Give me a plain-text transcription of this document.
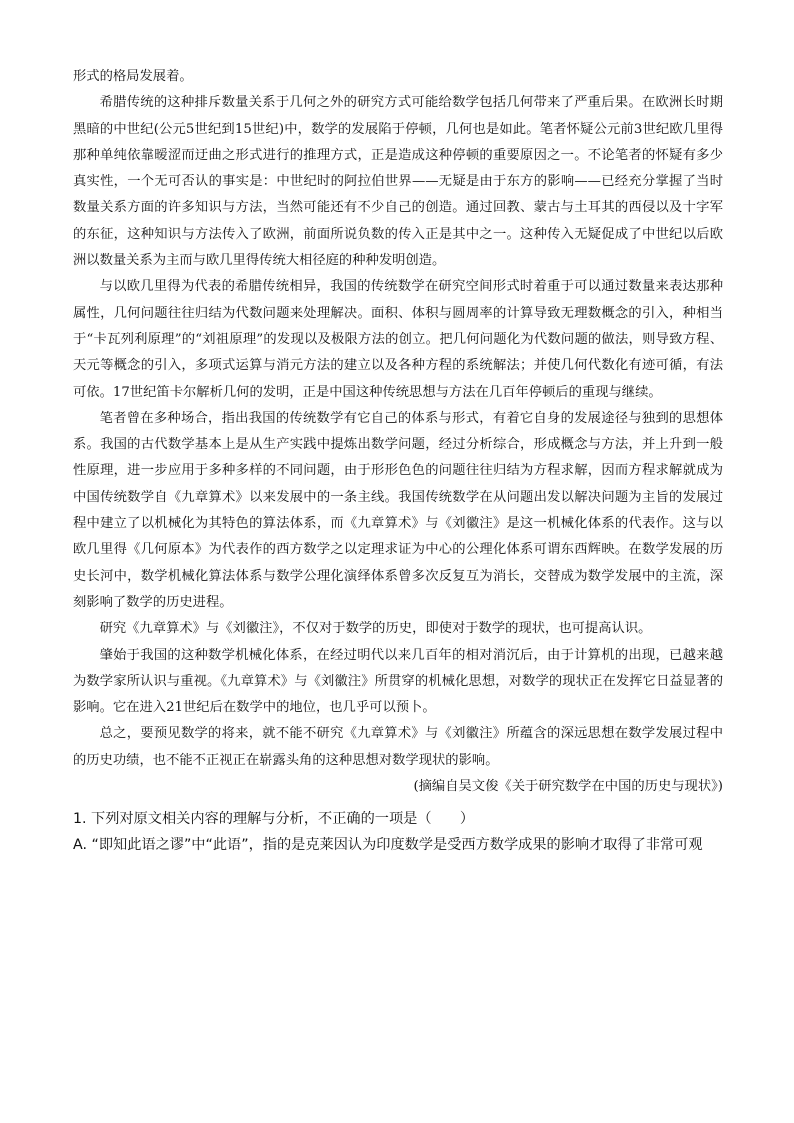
形式的格局发展着。

希腊传统的这种排斥数量关系于几何之外的研究方式可能给数学包括几何带来了严重后果。在欧洲长时期黑暗的中世纪(公元5世纪到15世纪)中，数学的发展陷于停顿，几何也是如此。笔者怀疑公元前3世纪欧几里得那种单纯依靠暧涩而迂曲之形式进行的推理方式，正是造成这种停顿的重要原因之一。不论笔者的怀疑有多少真实性，一个无可否认的事实是：中世纪时的阿拉伯世界——无疑是由于东方的影响——已经充分掌握了当时数量关系方面的许多知识与方法，当然可能还有不少自己的创造。通过回教、蒙古与土耳其的西侵以及十字军的东征，这种知识与方法传入了欧洲，前面所说负数的传入正是其中之一。这种传入无疑促成了中世纪以后欧洲以数量关系为主而与欧几里得传统大相径庭的种种发明创造。

与以欧几里得为代表的希腊传统相异，我国的传统数学在研究空间形式时着重于可以通过数量来表达那种属性，几何问题往往归结为代数问题来处理解决。面积、体积与圆周率的计算导致无理数概念的引入，种相当于“卡瓦列利原理”的“刘祖原理”的发现以及极限方法的创立。把几何问题化为代数问题的做法，则导致方程、天元等概念的引入，多项式运算与消元方法的建立以及各种方程的系统解法；并使几何代数化有迹可循，有法可依。17世纪笛卡尔解析几何的发明，正是中国这种传统思想与方法在几百年停顿后的重现与继续。

笔者曾在多种场合，指出我国的传统数学有它自己的体系与形式，有着它自身的发展途径与独到的思想体系。我国的古代数学基本上是从生产实践中提炼出数学问题，经过分析综合，形成概念与方法，并上升到一般性原理，进一步应用于多种多样的不同问题，由于形形色色的问题往往归结为方程求解，因而方程求解就成为中国传统数学自《九章算术》以来发展中的一条主线。我国传统数学在从问题出发以解决问题为主旨的发展过程中建立了以机械化为其特色的算法体系，而《九章算术》与《刘徽注》是这一机械化体系的代表作。这与以欧几里得《几何原本》为代表作的西方数学之以定理求证为中心的公理化体系可谓东西辉映。在数学发展的历史长河中，数学机械化算法体系与数学公理化演绎体系曾多次反复互为消长，交替成为数学发展中的主流，深刻影响了数学的历史进程。

研究《九章算术》与《刘徽注》，不仅对于数学的历史，即使对于数学的现状，也可提高认识。

肇始于我国的这种数学机械化体系，在经过明代以来几百年的相对消沉后，由于计算机的出现，已越来越为数学家所认识与重视。《九章算术》与《刘徽注》所贯穿的机械化思想，对数学的现状正在发挥它日益显著的影响。它在进入21世纪后在数学中的地位，也几乎可以预卜。

总之，要预见数学的将来，就不能不研究《九章算术》与《刘徽注》所蕴含的深远思想在数学发展过程中的历史功绩，也不能不正视正在崭露头角的这种思想对数学现状的影响。

(摘编自吴文俊《关于研究数学在中国的历史与现状》)

1. 下列对原文相关内容的理解与分析，不正确的一项是（　　）

A. “即知此语之谬”中“此语”，指的是克莱因认为印度数学是受西方数学成果的影响才取得了非常可观
